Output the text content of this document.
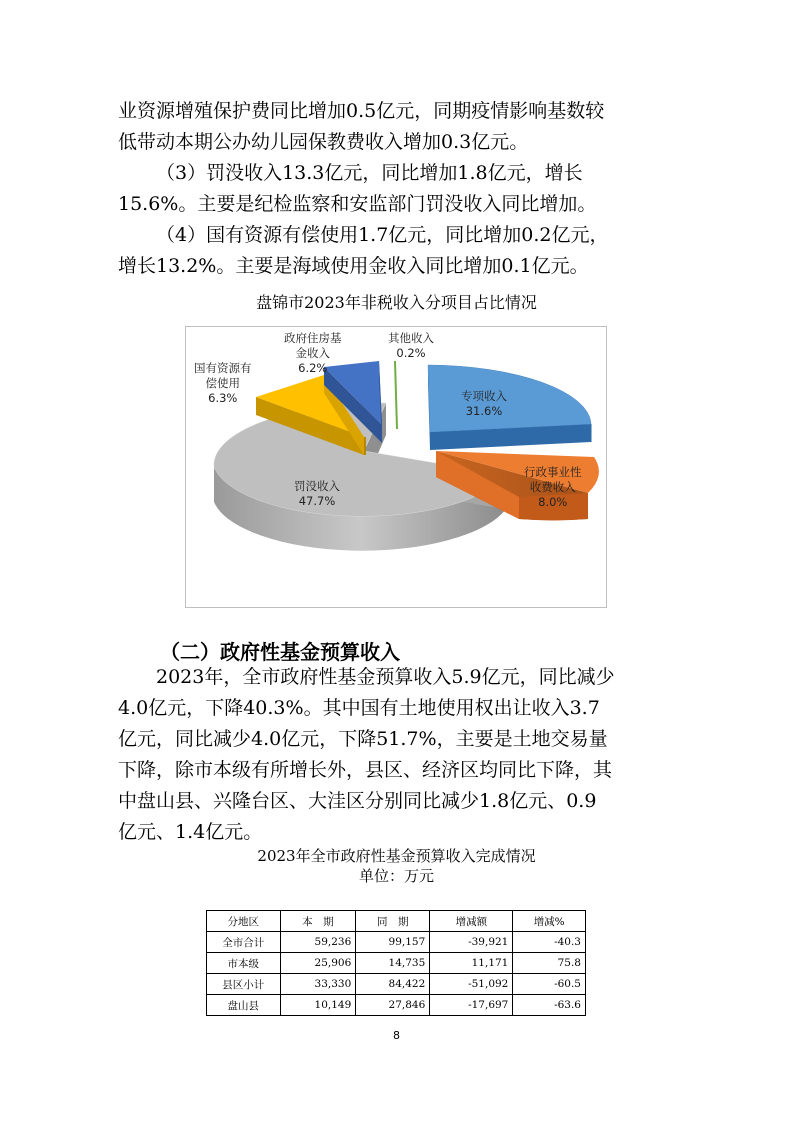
业资源增殖保护费同比增加0.5亿元，同期疫情影响基数较

低带动本期公办幼儿园保教费收入增加0.3亿元。

（3）罚没收入13.3亿元，同比增加1.8亿元，增长

15.6%。主要是纪检监察和安监部门罚没收入同比增加。

（4）国有资源有偿使用1.7亿元，同比增加0.2亿元，

增长13.2%。主要是海域使用金收入同比增加0.1亿元。

盘锦市2023年非税收入分项目占比情况
专项收入
31.6%
行政事业性
收费收入
8.0%
罚没收入
47.7%
国有资源有
偿使用
6.3%
政府住房基
金收入
6.2%
其他收入
0.2%
（二）政府性基金预算收入

2023年，全市政府性基金预算收入5.9亿元，同比减少

4.0亿元，下降40.3%。其中国有土地使用权出让收入3.7

亿元，同比减少4.0亿元，下降51.7%，主要是土地交易量

下降，除市本级有所增长外，县区、经济区均同比下降，其

中盘山县、兴隆台区、大洼区分别同比减少1.8亿元、0.9

亿元、1.4亿元。

2023年全市政府性基金预算收入完成情况
单位：万元
分地区	本　期	同　期	增减额	增减%
全市合计	59,236	99,157	-39,921	-40.3
市本级	25,906	14,735	11,171	75.8
县区小计	33,330	84,422	-51,092	-60.5
盘山县	10,149	27,846	-17,697	-63.6
8
